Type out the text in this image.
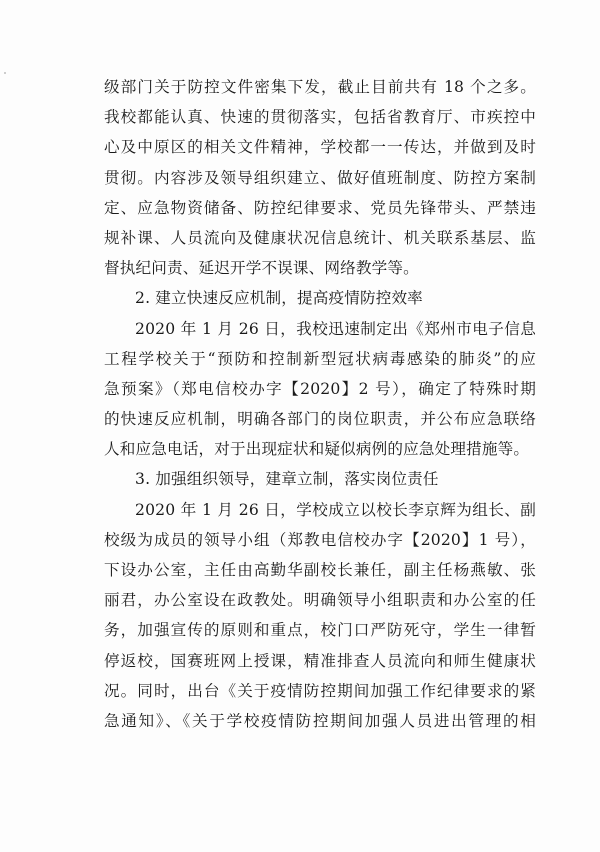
级部门关于防控文件密集下发，截止目前共有 18 个之多。
我校都能认真、快速的贯彻落实，包括省教育厅、市疾控中
心及中原区的相关文件精神，学校都一一传达，并做到及时
贯彻。内容涉及领导组织建立、做好值班制度、防控方案制
定、应急物资储备、防控纪律要求、党员先锋带头、严禁违
规补课、人员流向及健康状况信息统计、机关联系基层、监
督执纪问责、延迟开学不误课、网络教学等。
2. 建立快速反应机制，提高疫情防控效率
2020 年 1 月 26 日，我校迅速制定出《郑州市电子信息
工程学校关于“预防和控制新型冠状病毒感染的肺炎”的应
急预案》（郑电信校办字【2020】2 号），确定了特殊时期
的快速反应机制，明确各部门的岗位职责，并公布应急联络
人和应急电话，对于出现症状和疑似病例的应急处理措施等。
3. 加强组织领导，建章立制，落实岗位责任
2020 年 1 月 26 日，学校成立以校长李京辉为组长、副
校级为成员的领导小组（郑教电信校办字【2020】1 号），
下设办公室，主任由高勤华副校长兼任，副主任杨燕敏、张
丽君，办公室设在政教处。明确领导小组职责和办公室的任
务，加强宣传的原则和重点，校门口严防死守，学生一律暂
停返校，国赛班网上授课，精准排查人员流向和师生健康状
况。同时，出台《关于疫情防控期间加强工作纪律要求的紧
急通知》、《关于学校疫情防控期间加强人员进出管理的相
